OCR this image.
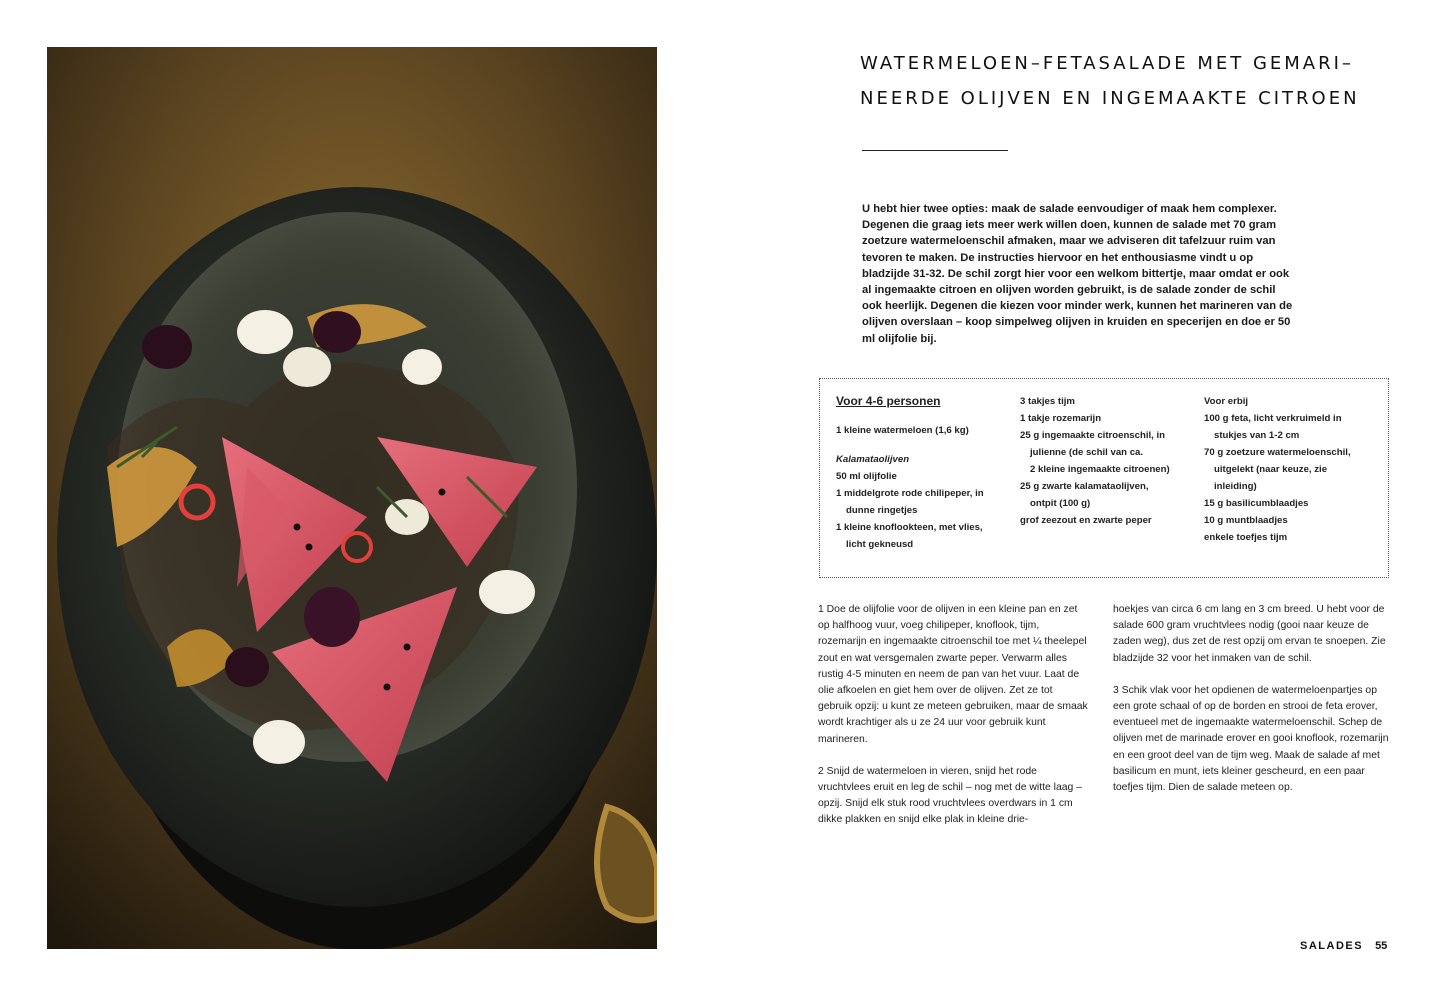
WATERMELOEN–FETASALADE MET GEMARI–
NEERDE OLIJVEN EN INGEMAAKTE CITROEN

U hebt hier twee opties: maak de salade eenvoudiger of maak hem complexer. Degenen die graag iets meer werk willen doen, kunnen de salade met 70 gram zoetzure watermeloenschil afmaken, maar we adviseren dit tafelzuur ruim van tevoren te maken. De instructies hiervoor en het enthousiasme vindt u op bladzijde 31-32. De schil zorgt hier voor een welkom bittertje, maar omdat er ook al ingemaakte citroen en olijven worden gebruikt, is de salade zonder de schil ook heerlijk. Degenen die kiezen voor minder werk, kunnen het marineren van de olijven overslaan – koop simpelweg olijven in kruiden en specerijen en doe er 50 ml olijfolie bij.

Voor 4-6 personen

1 kleine watermeloen (1,6 kg)

Kalamataolijven

50 ml olijfolie

1 middelgrote rode chilipeper, in

dunne ringetjes

1 kleine knoflookteen, met vlies,

licht gekneusd

3 takjes tijm

1 takje rozemarijn

25 g ingemaakte citroenschil, in

julienne (de schil van ca.

2 kleine ingemaakte citroenen)

25 g zwarte kalamataolijven,

ontpit (100 g)

grof zeezout en zwarte peper

Voor erbij

100 g feta, licht verkruimeld in

stukjes van 1-2 cm

70 g zoetzure watermeloenschil,

uitgelekt (naar keuze, zie

inleiding)

15 g basilicumblaadjes

10 g muntblaadjes

enkele toefjes tijm

1 Doe de olijfolie voor de olijven in een kleine pan en zet op halfhoog vuur, voeg chilipeper, knoflook, tijm, rozemarijn en ingemaakte citroenschil toe met ¼ theelepel zout en wat versgemalen zwarte peper. Verwarm alles rustig 4-5 minuten en neem de pan van het vuur. Laat de olie afkoelen en giet hem over de olijven. Zet ze tot gebruik opzij: u kunt ze meteen gebruiken, maar de smaak wordt krachtiger als u ze 24 uur voor gebruik kunt marineren.

2 Snijd de watermeloen in vieren, snijd het rode vruchtvlees eruit en leg de schil – nog met de witte laag – opzij. Snijd elk stuk rood vruchtvlees overdwars in 1 cm dikke plakken en snijd elke plak in kleine drie-

hoekjes van circa 6 cm lang en 3 cm breed. U hebt voor de salade 600 gram vruchtvlees nodig (gooi naar keuze de zaden weg), dus zet de rest opzij om ervan te snoepen. Zie bladzijde 32 voor het inmaken van de schil.

3 Schik vlak voor het opdienen de watermeloenpartjes op een grote schaal of op de borden en strooi de feta erover, eventueel met de ingemaakte watermeloenschil. Schep de olijven met de marinade erover en gooi knoflook, rozemarijn en een groot deel van de tijm weg. Maak de salade af met basilicum en munt, iets kleiner gescheurd, en een paar toefjes tijm. Dien de salade meteen op.

SALADES 55
